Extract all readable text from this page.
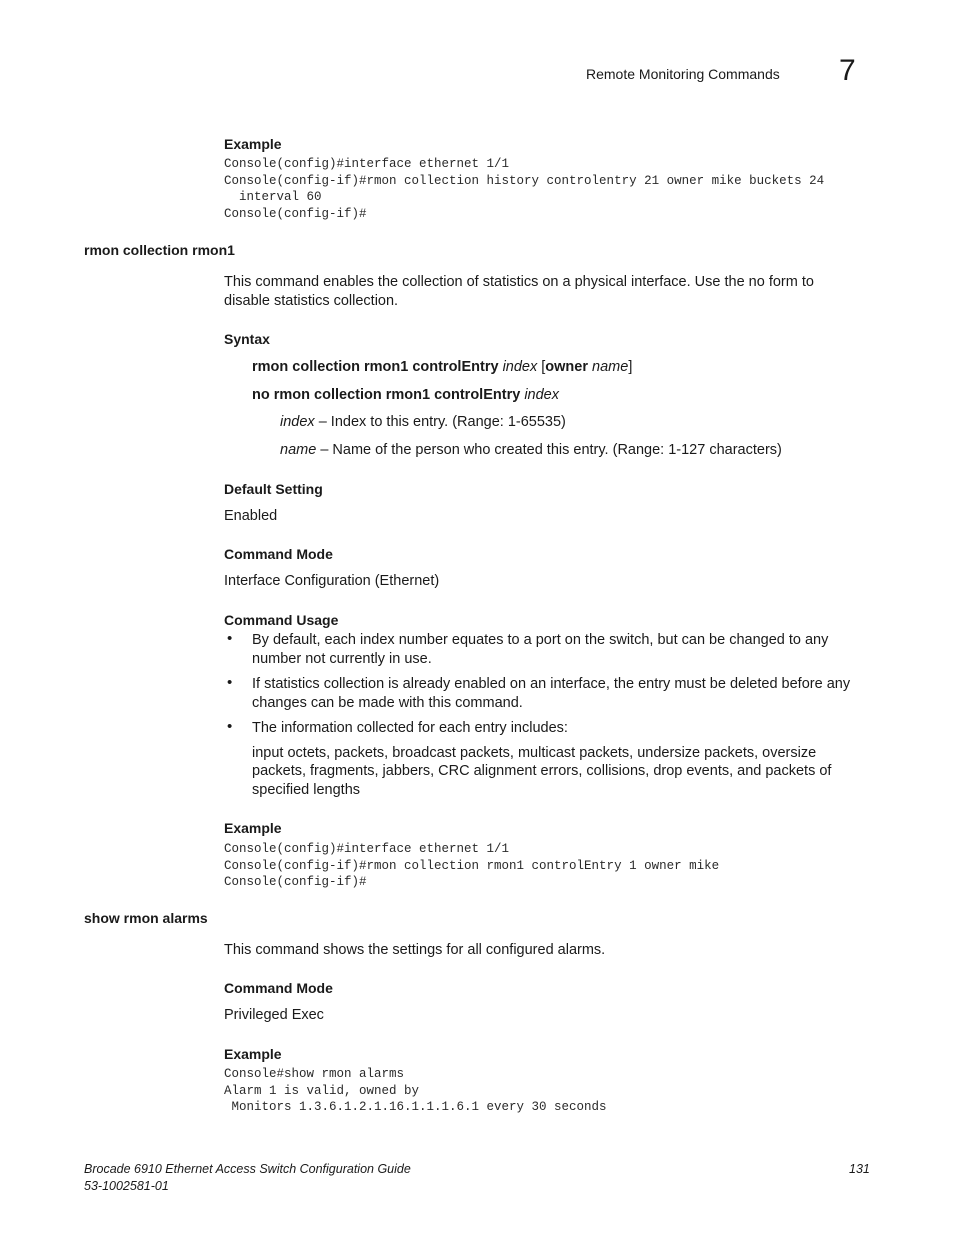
Remote Monitoring Commands 7
Example
Console(config)#interface ethernet 1/1
Console(config-if)#rmon collection history controlentry 21 owner mike buckets 24
interval 60
Console(config-if)#
rmon collection rmon1
This command enables the collection of statistics on a physical interface. Use the no form to
disable statistics collection.
Syntax
rmon collection rmon1 controlEntry index [owner name]
no rmon collection rmon1 controlEntry index
index – Index to this entry. (Range: 1-65535)
name – Name of the person who created this entry. (Range: 1-127 characters)
Default Setting
Enabled
Command Mode
Interface Configuration (Ethernet)
Command Usage
• By default, each index number equates to a port on the switch, but can be changed to any
number not currently in use.
• If statistics collection is already enabled on an interface, the entry must be deleted before any
changes can be made with this command.
• The information collected for each entry includes:
input octets, packets, broadcast packets, multicast packets, undersize packets, oversize
packets, fragments, jabbers, CRC alignment errors, collisions, drop events, and packets of
specified lengths
Example
Console(config)#interface ethernet 1/1
Console(config-if)#rmon collection rmon1 controlEntry 1 owner mike
Console(config-if)#
show rmon alarms
This command shows the settings for all configured alarms.
Command Mode
Privileged Exec
Example
Console#show rmon alarms
Alarm 1 is valid, owned by
Monitors 1.3.6.1.2.1.16.1.1.1.6.1 every 30 seconds
Brocade 6910 Ethernet Access Switch Configuration Guide
53-1002581-01
131
